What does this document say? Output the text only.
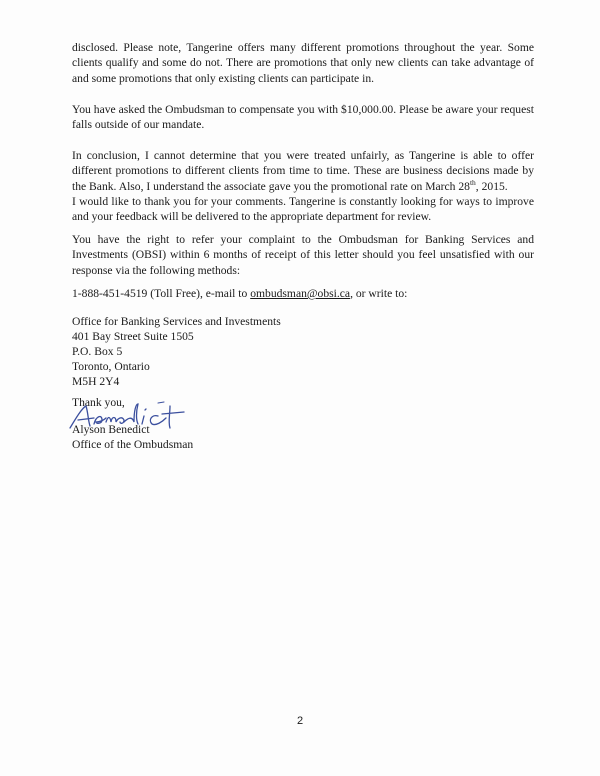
disclosed. Please note, Tangerine offers many different promotions throughout the year. Some clients qualify and some do not. There are promotions that only new clients can take advantage of and some promotions that only existing clients can participate in.

You have asked the Ombudsman to compensate you with $10,000.00. Please be aware your request falls outside of our mandate.

In conclusion, I cannot determine that you were treated unfairly, as Tangerine is able to offer different promotions to different clients from time to time. These are business decisions made by the Bank. Also, I understand the associate gave you the promotional rate on March 28th, 2015.

I would like to thank you for your comments. Tangerine is constantly looking for ways to improve and your feedback will be delivered to the appropriate department for review.

You have the right to refer your complaint to the Ombudsman for Banking Services and Investments (OBSI) within 6 months of receipt of this letter should you feel unsatisfied with our response via the following methods:

1-888-451-4519 (Toll Free), e-mail to ombudsman@obsi.ca, or write to:

Office for Banking Services and Investments

401 Bay Street Suite 1505

P.O. Box 5

Toronto, Ontario

M5H 2Y4

Thank you,

Alyson Benedict

Office of the Ombudsman

2
